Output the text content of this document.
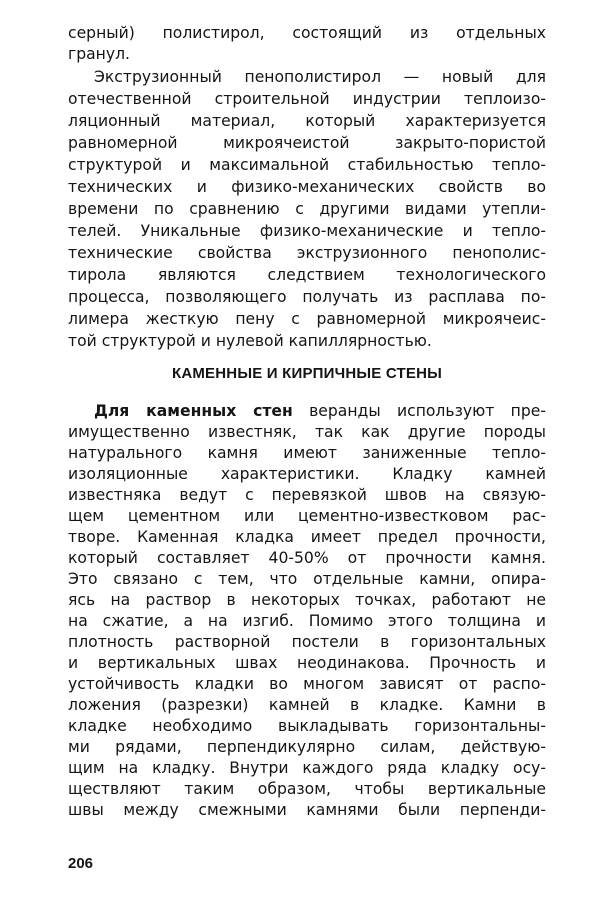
серный) полистирол, состоящий из отдельных
гранул.
Экструзионный пенополистирол — новый для
отечественной строительной индустрии теплоизо-
ляционный материал, который характеризуется
равномерной микроячеистой закрыто-пористой
структурой и максимальной стабильностью тепло-
технических и физико-механических свойств во
времени по сравнению с другими видами утепли-
телей. Уникальные физико-механические и тепло-
технические свойства экструзионного пенополис-
тирола являются следствием технологического
процесса, позволяющего получать из расплава по-
лимера жесткую пену с равномерной микроячеис-
той структурой и нулевой капиллярностью.
КАМЕННЫЕ И КИРПИЧНЫЕ СТЕНЫ
Для каменных стен веранды используют пре-
имущественно известняк, так как другие породы
натурального камня имеют заниженные тепло-
изоляционные характеристики. Кладку камней
известняка ведут с перевязкой швов на связую-
щем цементном или цементно-известковом рас-
творе. Каменная кладка имеет предел прочности,
который составляет 40-50% от прочности камня.
Это связано с тем, что отдельные камни, опира-
ясь на раствор в некоторых точках, работают не
на сжатие, а на изгиб. Помимо этого толщина и
плотность растворной постели в горизонтальных
и вертикальных швах неодинакова. Прочность и
устойчивость кладки во многом зависят от распо-
ложения (разрезки) камней в кладке. Камни в
кладке необходимо выкладывать горизонтальны-
ми рядами, перпендикулярно силам, действую-
щим на кладку. Внутри каждого ряда кладку осу-
ществляют таким образом, чтобы вертикальные
швы между смежными камнями были перпенди-
206
